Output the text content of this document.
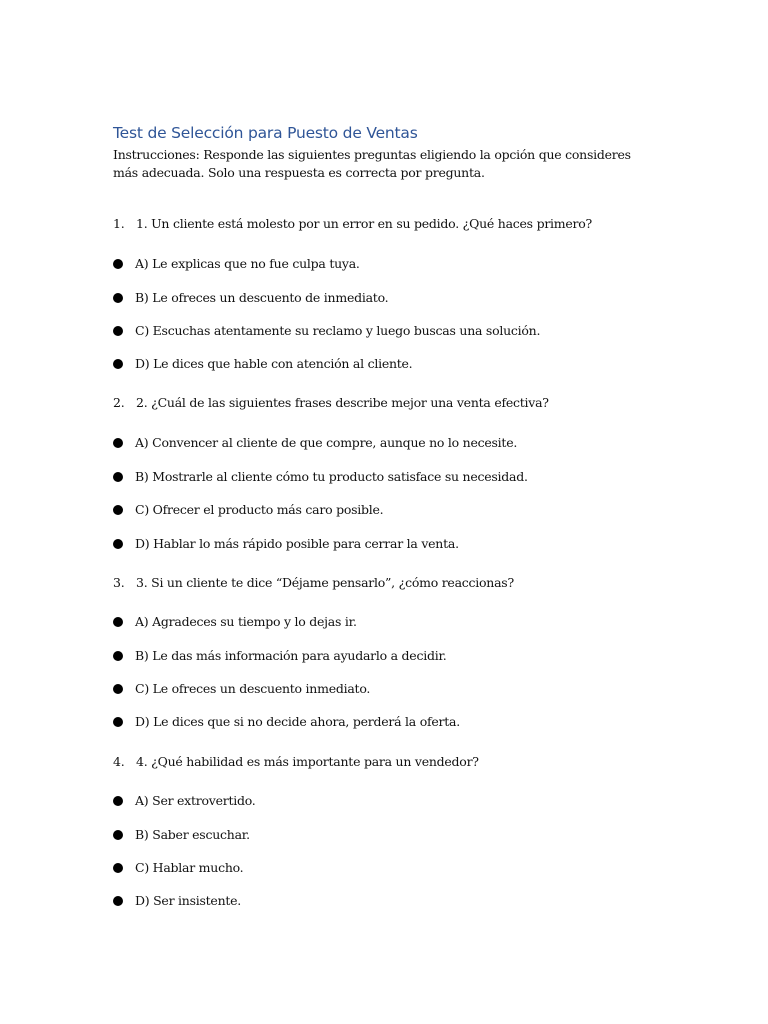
Test de Selección para Puesto de Ventas
Instrucciones: Responde las siguientes preguntas eligiendo la opción que consideres más adecuada. Solo una respuesta es correcta por pregunta.
1. 1. Un cliente está molesto por un error en su pedido. ¿Qué haces primero?
A) Le explicas que no fue culpa tuya.
B) Le ofreces un descuento de inmediato.
C) Escuchas atentamente su reclamo y luego buscas una solución.
D) Le dices que hable con atención al cliente.
2. 2. ¿Cuál de las siguientes frases describe mejor una venta efectiva?
A) Convencer al cliente de que compre, aunque no lo necesite.
B) Mostrarle al cliente cómo tu producto satisface su necesidad.
C) Ofrecer el producto más caro posible.
D) Hablar lo más rápido posible para cerrar la venta.
3. 3. Si un cliente te dice “Déjame pensarlo”, ¿cómo reaccionas?
A) Agradeces su tiempo y lo dejas ir.
B) Le das más información para ayudarlo a decidir.
C) Le ofreces un descuento inmediato.
D) Le dices que si no decide ahora, perderá la oferta.
4. 4. ¿Qué habilidad es más importante para un vendedor?
A) Ser extrovertido.
B) Saber escuchar.
C) Hablar mucho.
D) Ser insistente.
